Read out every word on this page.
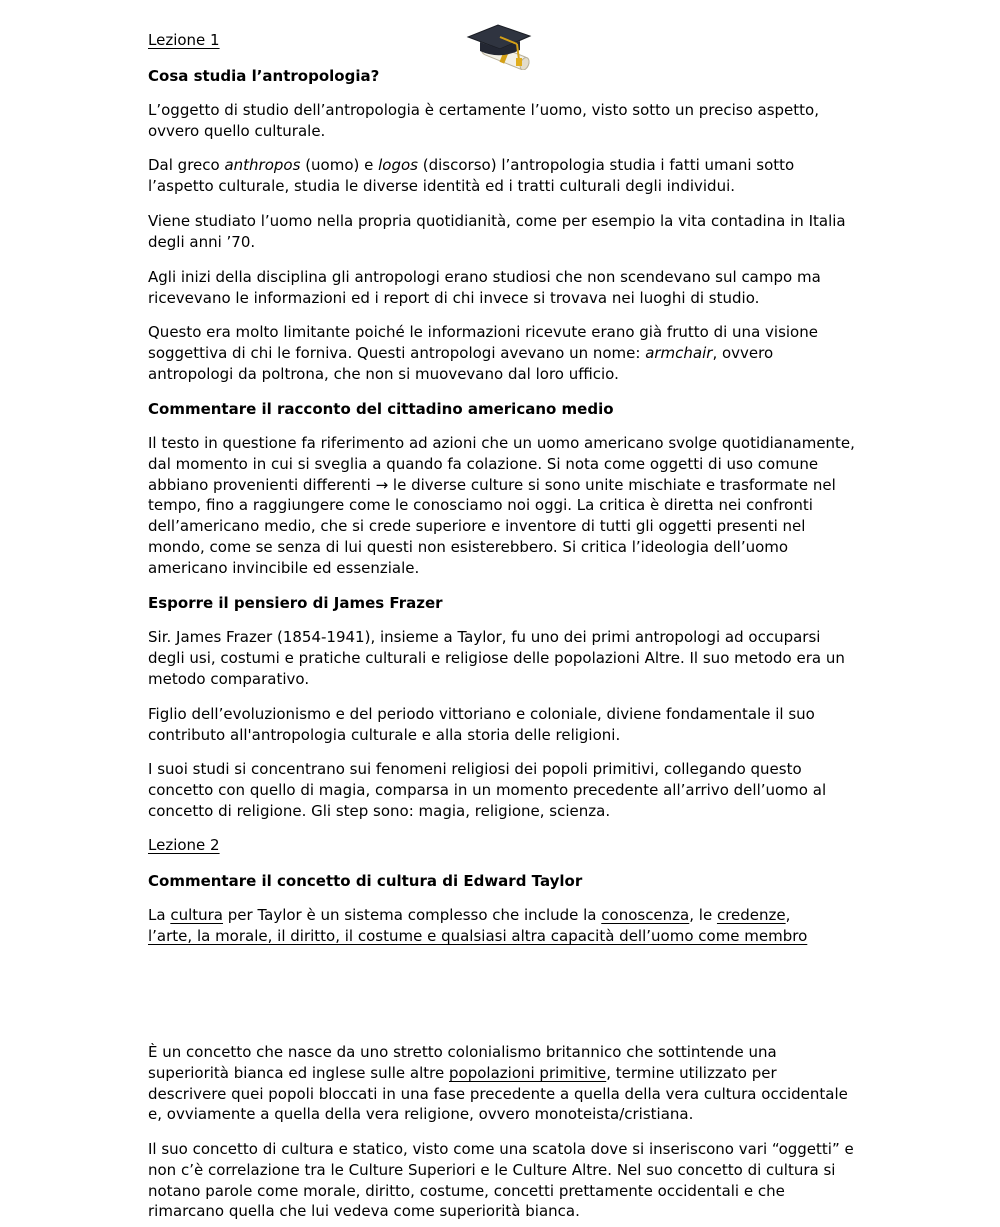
Lezione 1
Cosa studia l’antropologia?

L’oggetto di studio dell’antropologia è certamente l’uomo, visto sotto un preciso aspetto, ovvero quello culturale.

Dal greco anthropos (uomo) e logos (discorso) l’antropologia studia i fatti umani sotto l’aspetto culturale, studia le diverse identità ed i tratti culturali degli individui.

Viene studiato l’uomo nella propria quotidianità, come per esempio la vita contadina in Italia degli anni ’70.

Agli inizi della disciplina gli antropologi erano studiosi che non scendevano sul campo ma ricevevano le informazioni ed i report di chi invece si trovava nei luoghi di studio.

Questo era molto limitante poiché le informazioni ricevute erano già frutto di una visione soggettiva di chi le forniva. Questi antropologi avevano un nome: armchair, ovvero antropologi da poltrona, che non si muovevano dal loro ufficio.

Commentare il racconto del cittadino americano medio

Il testo in questione fa riferimento ad azioni che un uomo americano svolge quotidianamente, dal momento in cui si sveglia a quando fa colazione. Si nota come oggetti di uso comune abbiano provenienti differenti → le diverse culture si sono unite mischiate e trasformate nel tempo, fino a raggiungere come le conosciamo noi oggi. La critica è diretta nei confronti dell’americano medio, che si crede superiore e inventore di tutti gli oggetti presenti nel mondo, come se senza di lui questi non esisterebbero. Si critica l’ideologia dell’uomo americano invincibile ed essenziale.

Esporre il pensiero di James Frazer

Sir. James Frazer (1854-1941), insieme a Taylor, fu uno dei primi antropologi ad occuparsi degli usi, costumi e pratiche culturali e religiose delle popolazioni Altre. Il suo metodo era un metodo comparativo.

Figlio dell’evoluzionismo e del periodo vittoriano e coloniale, diviene fondamentale il suo contributo all'antropologia culturale e alla storia delle religioni.

I suoi studi si concentrano sui fenomeni religiosi dei popoli primitivi, collegando questo concetto con quello di magia, comparsa in un momento precedente all’arrivo dell’uomo al concetto di religione. Gli step sono: magia, religione, scienza.

Lezione 2
Commentare il concetto di cultura di Edward Taylor

La cultura per Taylor è un sistema complesso che include la conoscenza, le credenze,
l’arte, la morale, il diritto, il costume e qualsiasi altra capacità dell’uomo come membro

È un concetto che nasce da uno stretto colonialismo britannico che sottintende una superiorità bianca ed inglese sulle altre popolazioni primitive, termine utilizzato per descrivere quei popoli bloccati in una fase precedente a quella della vera cultura occidentale e, ovviamente a quella della vera religione, ovvero monoteista/cristiana.

Il suo concetto di cultura e statico, visto come una scatola dove si inseriscono vari “oggetti” e non c’è correlazione tra le Culture Superiori e le Culture Altre. Nel suo concetto di cultura si notano parole come morale, diritto, costume, concetti prettamente occidentali e che rimarcano quella che lui vedeva come superiorità bianca.
